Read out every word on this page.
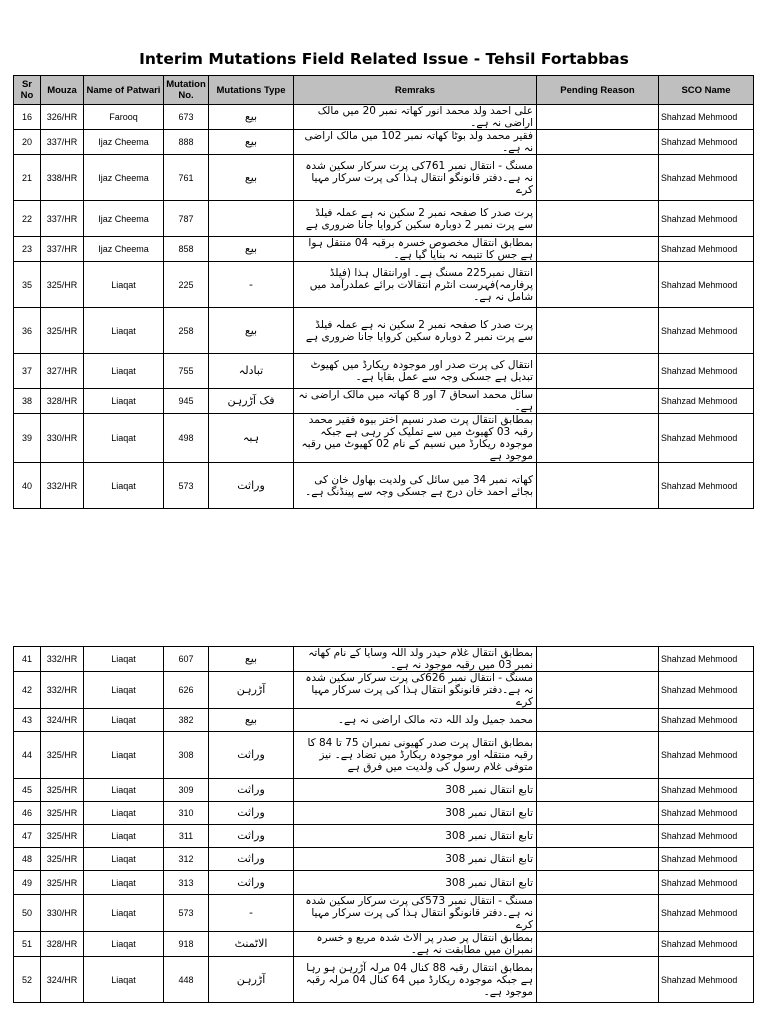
Interim Mutations Field Related Issue - Tehsil Fortabbas
Sr No	Mouza	Name of Patwari	Mutation No.	Mutations Type	Remraks	Pending Reason	SCO Name
16	326/HR	Farooq	673	بیع	علی احمد ولد محمد انور کھاتہ نمبر 20 میں مالک اراضی نہ ہے۔		Shahzad Mehmood
20	337/HR	Ijaz Cheema	888	بیع	فقیر محمد ولد بوٹا کھاتہ نمبر 102 میں مالک اراضی نہ ہے۔		Shahzad Mehmood
21	338/HR	Ijaz Cheema	761	بیع	مسنگ - انتقال نمبر 761کی پرت سرکار سکین شدہ نہ ہے۔دفتر قانونگو انتقال ہذا کی پرت سرکار مہیا کرے		Shahzad Mehmood
22	337/HR	Ijaz Cheema	787		پرت صدر کا صفحہ نمبر 2 سکین نہ ہے عملہ فیلڈ سے پرت نمبر 2 دوبارہ سکین کروایا جانا ضروری ہے		Shahzad Mehmood
23	337/HR	Ijaz Cheema	858	بیع	بمطابق انتقال مخصوص خسرہ برقبہ 04 منتقل ہوا ہے جس کا تتیمہ نہ بنایا گیا ہے۔		Shahzad Mehmood
35	325/HR	Liaqat	225	-	انتقال نمبر225 مسنگ ہے۔ اورانتقال ہذا (فیلڈ پرفارمہ)فہرست انٹرم انتقالات برائے عملدرآمد میں شامل نہ ہے۔		Shahzad Mehmood
36	325/HR	Liaqat	258	بیع	پرت صدر کا صفحہ نمبر 2 سکین نہ ہے عملہ فیلڈ سے پرت نمبر 2 دوبارہ سکین کروایا جانا ضروری ہے		Shahzad Mehmood
37	327/HR	Liaqat	755	تبادلہ	انتقال کی پرت صدر اور موجودہ ریکارڈ میں کھیوٹ تبدیل ہے جسکی وجہ سے عمل بقایا ہے۔		Shahzad Mehmood
38	328/HR	Liaqat	945	فک آڑرہن	سائل محمد اسحاق 7 اور 8 کھاتہ میں مالک اراضی نہ ہے۔		Shahzad Mehmood
39	330/HR	Liaqat	498	ہبہ	بمطابق انتقال پرت صدر نسیم اختر بیوہ فقیر محمد رقبہ 03 کھیوٹ میں سے تملیک کر رہی ہے جبکہ موجودہ ریکارڈ میں نسیم کے نام 02 کھیوٹ میں رقبہ موجود ہے		Shahzad Mehmood
40	332/HR	Liaqat	573	وراثت	کھاتہ نمبر 34 میں سائل کی ولدیت بھاول خان کی بجائے احمد خان درج ہے جسکی وجہ سے پینڈنگ ہے۔		Shahzad Mehmood
41	332/HR	Liaqat	607	بیع	بمطابق انتقال غلام حیدر ولد اللہ وسایا کے نام کھاتہ نمبر 03 میں رقبہ موجود نہ ہے۔		Shahzad Mehmood
42	332/HR	Liaqat	626	آڑرہن	مسنگ - انتقال نمبر 626کی پرت سرکار سکین شدہ نہ ہے۔دفتر قانونگو انتقال ہذا کی پرت سرکار مہیا کرے		Shahzad Mehmood
43	324/HR	Liaqat	382	بیع	محمد جمیل ولد اللہ دتہ مالک اراضی نہ ہے۔		Shahzad Mehmood
44	325/HR	Liaqat	308	وراثت	بمطابق انتقال پرت صدر کھیونی نمبران 75 تا 84 کا رقبہ منتقلہ اور موجودہ ریکارڈ میں تضاد ہے۔ نیز متوفی غلام رسول کی ولدیت میں فرق ہے		Shahzad Mehmood
45	325/HR	Liaqat	309	وراثت	تابع انتقال نمبر 308		Shahzad Mehmood
46	325/HR	Liaqat	310	وراثت	تابع انتقال نمبر 308		Shahzad Mehmood
47	325/HR	Liaqat	311	وراثت	تابع انتقال نمبر 308		Shahzad Mehmood
48	325/HR	Liaqat	312	وراثت	تابع انتقال نمبر 308		Shahzad Mehmood
49	325/HR	Liaqat	313	وراثت	تابع انتقال نمبر 308		Shahzad Mehmood
50	330/HR	Liaqat	573	-	مسنگ - انتقال نمبر 573کی پرت سرکار سکین شدہ نہ ہے۔دفتر قانونگو انتقال ہذا کی پرت سرکار مہیا کرے		Shahzad Mehmood
51	328/HR	Liaqat	918	الاٹمنٹ	بمطابق انتقال پر صدر پر الاٹ شدہ مربع و خسرہ نمبران میں مطابقت نہ ہے۔		Shahzad Mehmood
52	324/HR	Liaqat	448	آڑرہن	بمطابق انتقال رقبہ 88 کنال 04 مرلہ آڑرہن ہو رہا ہے جبکہ موجودہ ریکارڈ میں 64 کنال 04 مرلہ رقبہ موجود ہے۔		Shahzad Mehmood
